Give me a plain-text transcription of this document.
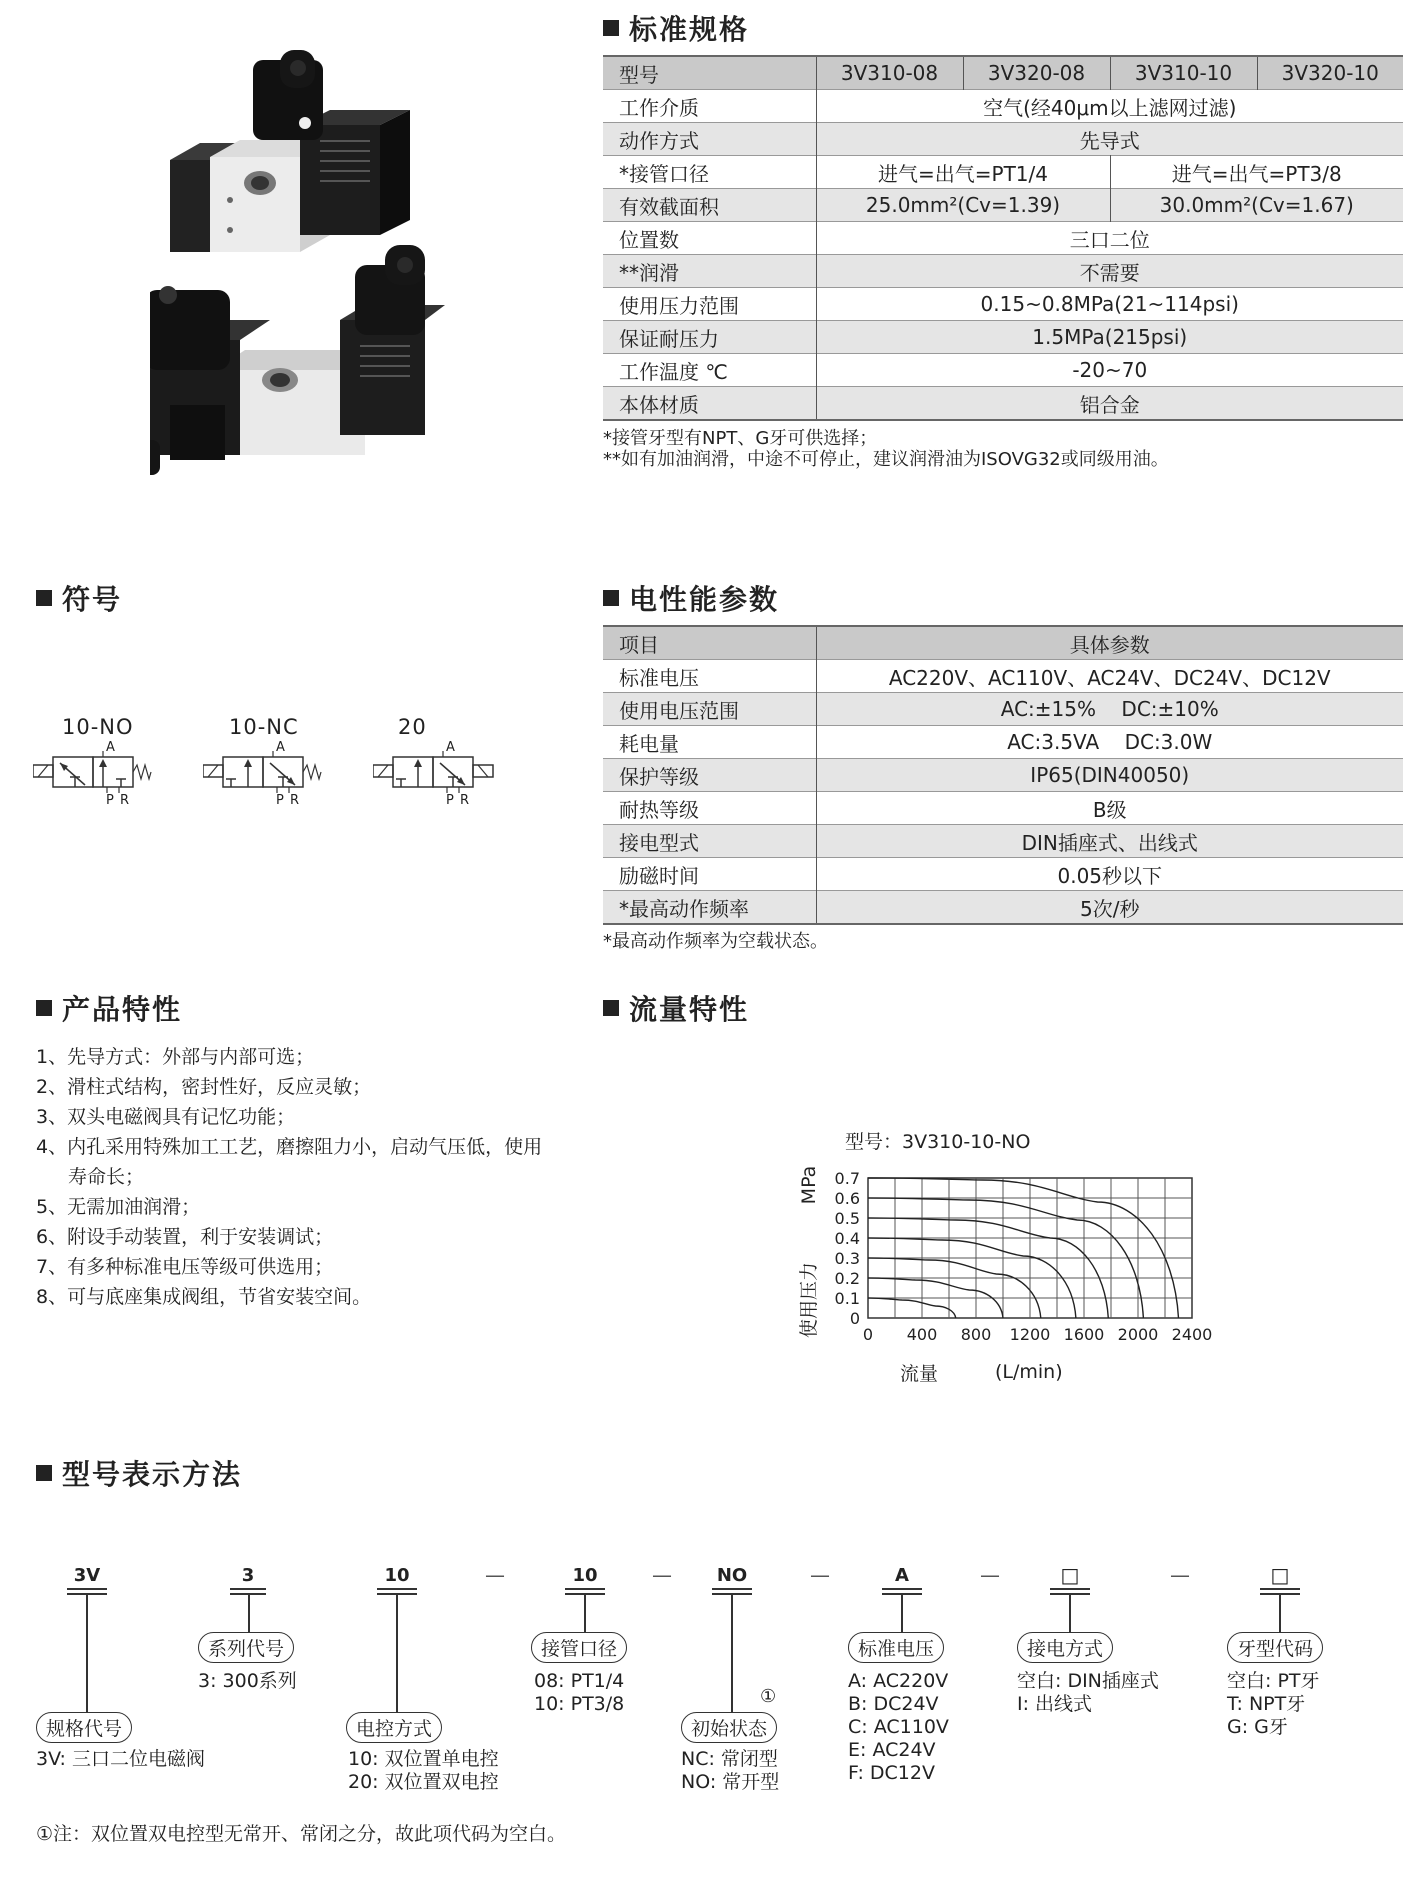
标准规格
符号	电性能参数
产品特性	流量特性
型号表示方法
型号	3V310-08	3V320-08	3V310-10	3V320-10
工作介质	空气(经40μm以上滤网过滤)			
动作方式	先导式			
*接管口径	进气=出气=PT1/4		进气=出气=PT3/8	
有效截面积	25.0mm²(Cv=1.39)		30.0mm²(Cv=1.67)	
位置数	三口二位			
**润滑	不需要			
使用压力范围	0.15~0.8MPa(21~114psi)			
保证耐压力	1.5MPa(215psi)			
工作温度 ℃	-20~70			
本体材质	铝合金			
*接管牙型有NPT、G牙可供选择；
**如有加油润滑，中途不可停止，建议润滑油为ISOVG32或同级用油。
10-NO	10-NC	20
A
P R
A
P R
A
P R
项目	具体参数
标准电压	AC220V、AC110V、AC24V、DC24V、DC12V
使用电压范围	AC:±15%    DC:±10%
耗电量	AC:3.5VA    DC:3.0W
保护等级	IP65(DIN40050)
耐热等级	B级
接电型式	DIN插座式、出线式
励磁时间	0.05秒以下
*最高动作频率	5次/秒
*最高动作频率为空载状态。
1、先导方式：外部与内部可选；
2、滑柱式结构，密封性好，反应灵敏；
3、双头电磁阀具有记忆功能；
4、内孔采用特殊加工工艺，磨擦阻力小，启动气压低，使用
寿命长；
5、无需加油润滑；
6、附设手动装置，利于安装调试；
7、有多种标准电压等级可供选用；
8、可与底座集成阀组，节省安装空间。
型号：3V310-10-NO
0
0.1
0.2
0.3
0.4
0.5
0.6
0.7
0 400 800 1200 1600 2000 2400
使用压力
MPa
流量	(L/min)
3V	3	10	10	NO	A	□	□
—	—	—	—	—
系列代号	接管口径	标准电压	接电方式	牙型代码
规格代号	电控方式	初始状态
①
3: 300系列	08: PT1/4
10: PT3/8
A: AC220V
B: DC24V
C: AC110V
E: AC24V
F: DC12V
空白: DIN插座式
I: 出线式
空白: PT牙
T: NPT牙
G: G牙
3V: 三口二位电磁阀	10: 双位置单电控
20: 双位置双电控
NC: 常闭型
NO: 常开型
①注：双位置双电控型无常开、常闭之分，故此项代码为空白。
